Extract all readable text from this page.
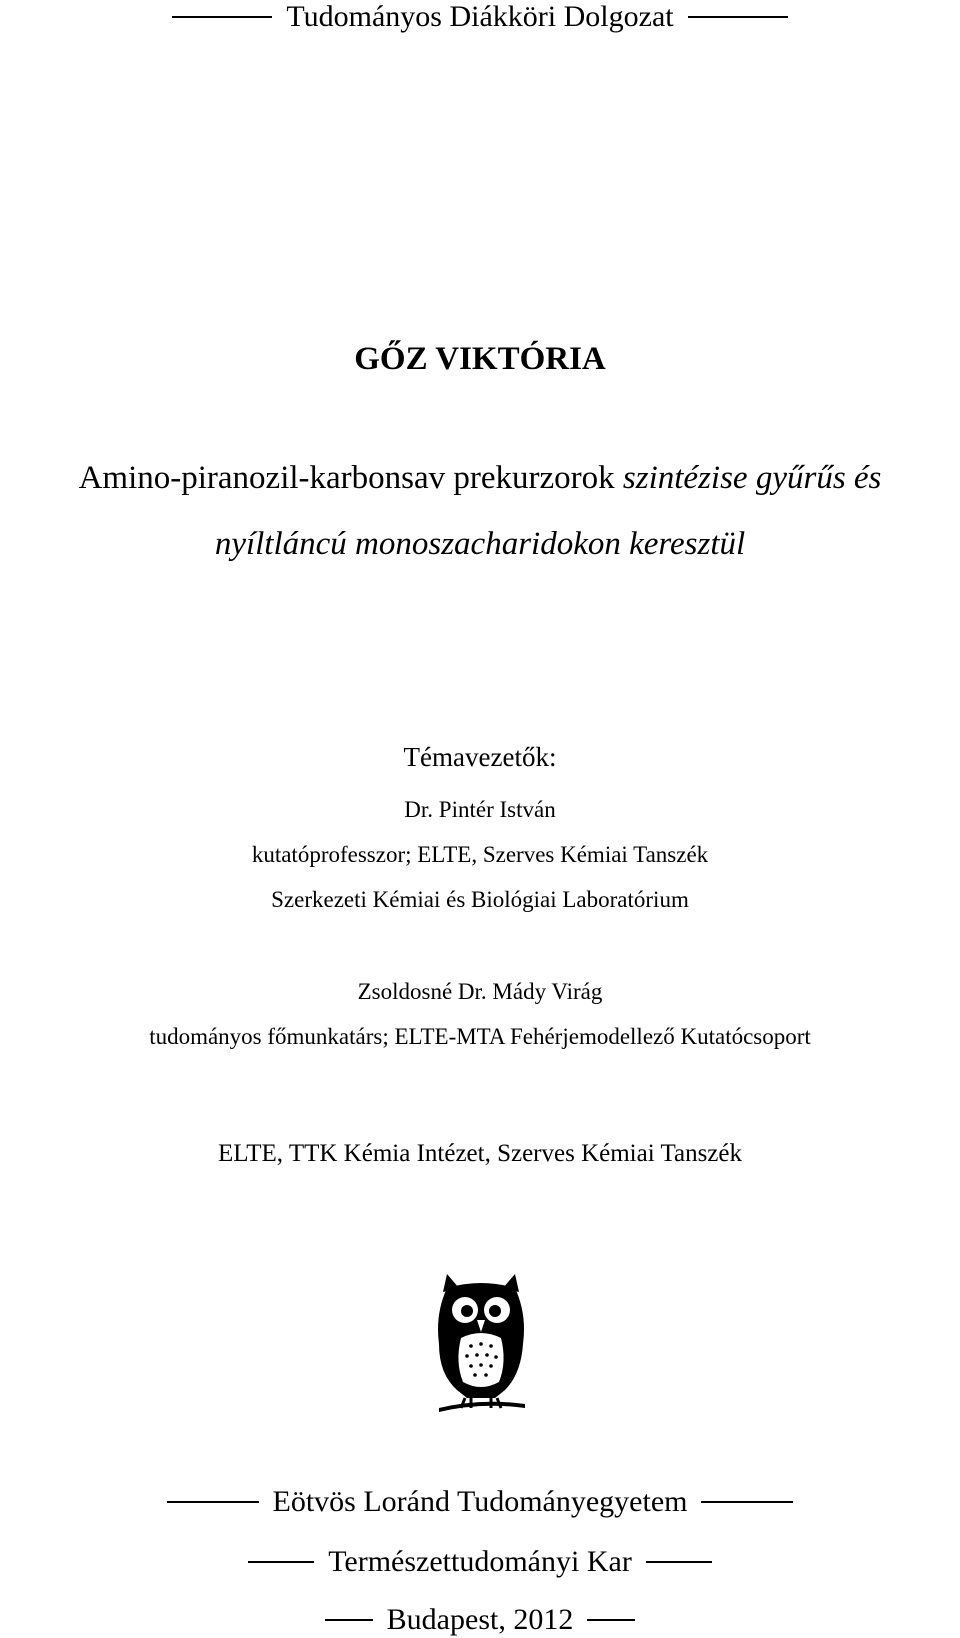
Tudományos Diákköri Dolgozat
GŐZ VIKTÓRIA
Amino-piranozil-karbonsav prekurzorok szintézise gyűrűs és
nyíltláncú monoszacharidokon keresztül
Témavezetők:
Dr. Pintér István
kutatóprofesszor; ELTE, Szerves Kémiai Tanszék
Szerkezeti Kémiai és Biológiai Laboratórium
Zsoldosné Dr. Mády Virág
tudományos főmunkatárs; ELTE-MTA Fehérjemodellező Kutatócsoport
ELTE, TTK Kémia Intézet, Szerves Kémiai Tanszék
Eötvös Loránd Tudományegyetem
Természettudományi Kar
Budapest, 2012
